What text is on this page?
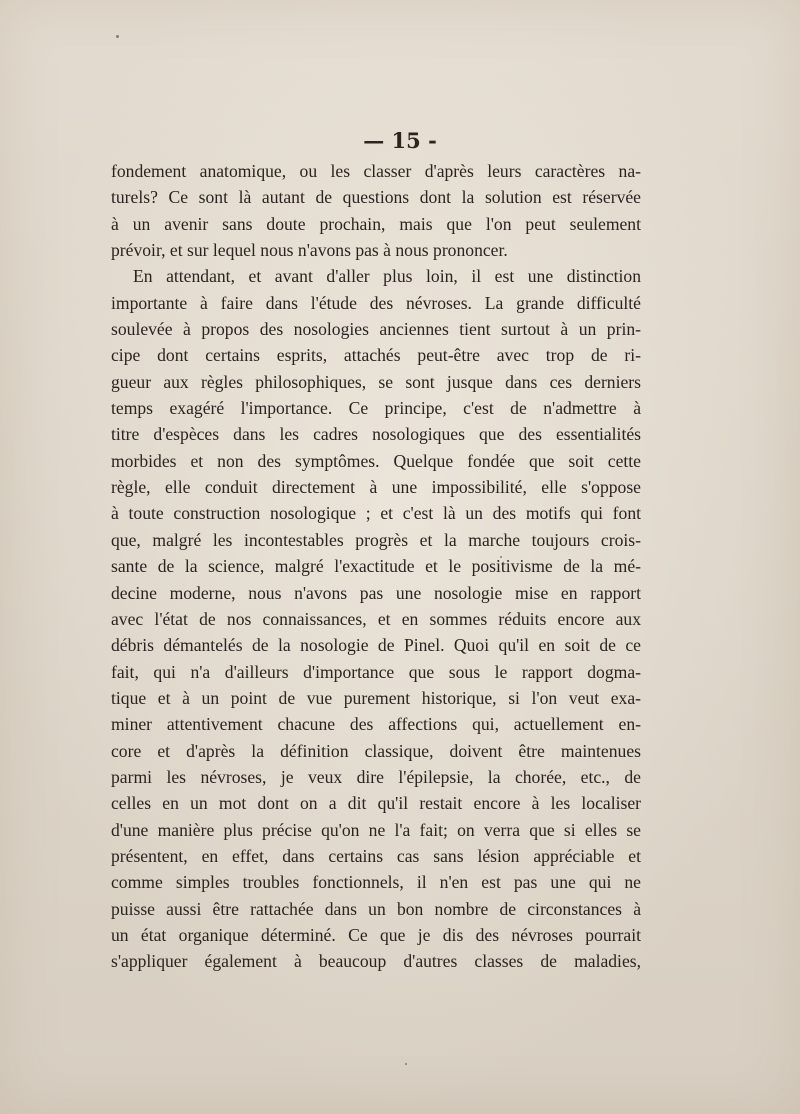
— 15 -
fondement anatomique, ou les classer d'après leurs caractères na-
turels? Ce sont là autant de questions dont la solution est réservée
à un avenir sans doute prochain, mais que l'on peut seulement
prévoir, et sur lequel nous n'avons pas à nous prononcer.
En attendant, et avant d'aller plus loin, il est une distinction
importante à faire dans l'étude des névroses. La grande difficulté
soulevée à propos des nosologies anciennes tient surtout à un prin-
cipe dont certains esprits, attachés peut-être avec trop de ri-
gueur aux règles philosophiques, se sont jusque dans ces derniers
temps exagéré l'importance. Ce principe, c'est de n'admettre à
titre d'espèces dans les cadres nosologiques que des essentialités
morbides et non des symptômes. Quelque fondée que soit cette
règle, elle conduit directement à une impossibilité, elle s'oppose
à toute construction nosologique ; et c'est là un des motifs qui font
que, malgré les incontestables progrès et la marche toujours crois-
sante de la science, malgré l'exactitude et le positivisme de la mé-
decine moderne, nous n'avons pas une nosologie mise en rapport
avec l'état de nos connaissances, et en sommes réduits encore aux
débris démantelés de la nosologie de Pinel. Quoi qu'il en soit de ce
fait, qui n'a d'ailleurs d'importance que sous le rapport dogma-
tique et à un point de vue purement historique, si l'on veut exa-
miner attentivement chacune des affections qui, actuellement en-
core et d'après la définition classique, doivent être maintenues
parmi les névroses, je veux dire l'épilepsie, la chorée, etc., de
celles en un mot dont on a dit qu'il restait encore à les localiser
d'une manière plus précise qu'on ne l'a fait; on verra que si elles se
présentent, en effet, dans certains cas sans lésion appréciable et
comme simples troubles fonctionnels, il n'en est pas une qui ne
puisse aussi être rattachée dans un bon nombre de circonstances à
un état organique déterminé. Ce que je dis des névroses pourrait
s'appliquer également à beaucoup d'autres classes de maladies,
